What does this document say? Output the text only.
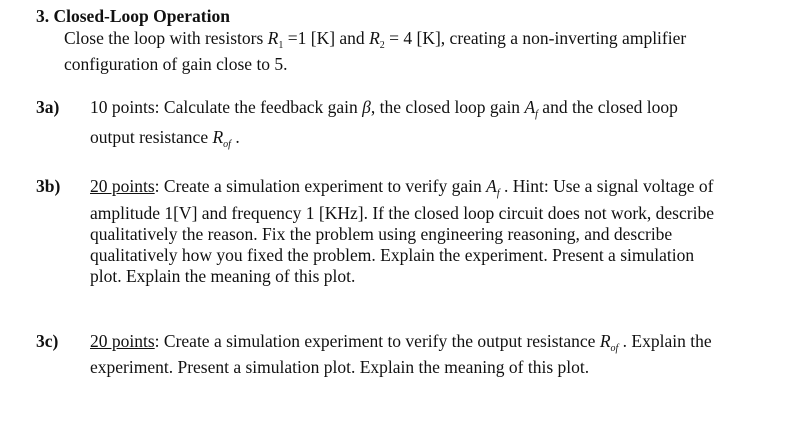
3. Closed-Loop Operation
Close the loop with resistors $R_1 =1$ [K] and $R_2 = 4$ [K], creating a non-inverting amplifier
configuration of gain close to 5.
3a) 10 points: Calculate the feedback gain β, the closed loop gain $A_f$ and the closed loop
output resistance $R_{of}$ .
3b) 20 points: Create a simulation experiment to verify gain $A_f$ . Hint: Use a signal voltage of
amplitude 1[V] and frequency 1 [KHz]. If the closed loop circuit does not work, describe
qualitatively the reason. Fix the problem using engineering reasoning, and describe
qualitatively how you fixed the problem. Explain the experiment. Present a simulation
plot. Explain the meaning of this plot.
3c) 20 points: Create a simulation experiment to verify the output resistance $R_{of}$ . Explain the
experiment. Present a simulation plot. Explain the meaning of this plot.
